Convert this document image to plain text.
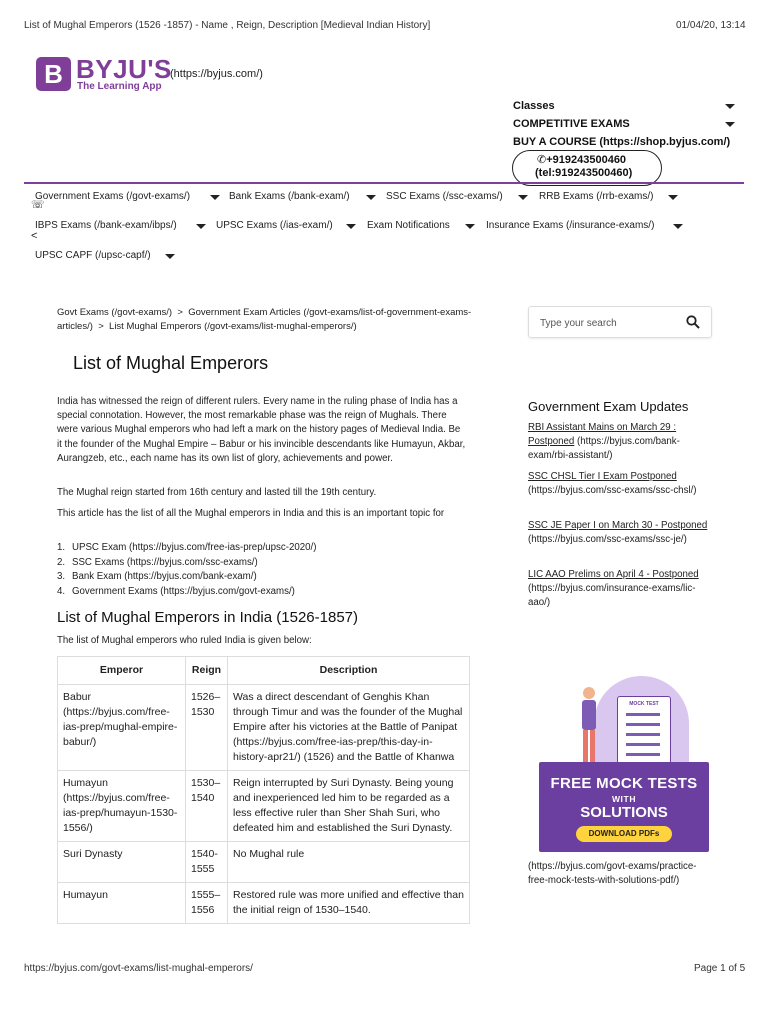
List of Mughal Emperors (1526 -1857) - Name , Reign, Description [Medieval Indian History]	01/04/20, 13:14
B BYJU'S
The Learning App
(https://byjus.com/)
Classes
COMPETITIVE EXAMS
BUY A COURSE (https://shop.byjus.com/)
✆+919243500460
(tel:919243500460)
Government Exams (/govt-exams/)	Bank Exams (/bank-exam/)	SSC Exams (/ssc-exams/)	RRB Exams (/rrb-exams/)
☏
IBPS Exams (/bank-exam/ibps/)	UPSC Exams (/ias-exam/)	Exam Notifications	Insurance Exams (/insurance-exams/)
<
UPSC CAPF (/upsc-capf/)
Govt Exams (/govt-exams/) > Government Exam Articles (/govt-exams/list-of-government-exams-articles/) > List Mughal Emperors (/govt-exams/list-mughal-emperors/)
Type your search
List of Mughal Emperors
India has witnessed the reign of different rulers. Every name in the ruling phase of India has a special connotation. However, the most remarkable phase was the reign of Mughals. There were various Mughal emperors who had left a mark on the history pages of Medieval India. Be it the founder of the Mughal Empire – Babur or his invincible descendants like Humayun, Akbar, Aurangzeb, etc., each name has its own list of glory, achievements and power.
The Mughal reign started from 16th century and lasted till the 19th century.
This article has the list of all the Mughal emperors in India and this is an important topic for
1. UPSC Exam (https://byjus.com/free-ias-prep/upsc-2020/)
2. SSC Exams (https://byjus.com/ssc-exams/)
3. Bank Exam (https://byjus.com/bank-exam/)
4. Government Exams (https://byjus.com/govt-exams/)
List of Mughal Emperors in India (1526-1857)
The list of Mughal emperors who ruled India is given below:
Emperor	Reign	Description
Babur (https://byjus.com/free-ias-prep/mughal-empire-babur/)	1526–1530	Was a direct descendant of Genghis Khan through Timur and was the founder of the Mughal Empire after his victories at the Battle of Panipat (https://byjus.com/free-ias-prep/this-day-in-history-apr21/) (1526) and the Battle of Khanwa
Humayun (https://byjus.com/free-ias-prep/humayun-1530-1556/)	1530–1540	Reign interrupted by Suri Dynasty. Being young and inexperienced led him to be regarded as a less effective ruler than Sher Shah Suri, who defeated him and established the Suri Dynasty.
Suri Dynasty	1540-1555	No Mughal rule
Humayun	1555–1556	Restored rule was more unified and effective than the initial reign of 1530–1540.
Government Exam Updates
RBI Assistant Mains on March 29 : Postponed (https://byjus.com/bank-exam/rbi-assistant/)
SSC CHSL Tier I Exam Postponed (https://byjus.com/ssc-exams/ssc-chsl/)
SSC JE Paper I on March 30 - Postponed (https://byjus.com/ssc-exams/ssc-je/)
LIC AAO Prelims on April 4 - Postponed (https://byjus.com/insurance-exams/lic-aao/)
MOCK TEST
FREE MOCK TESTS
WITH
SOLUTIONS
DOWNLOAD PDFs
(https://byjus.com/govt-exams/practice-free-mock-tests-with-solutions-pdf/)
https://byjus.com/govt-exams/list-mughal-emperors/	Page 1 of 5
